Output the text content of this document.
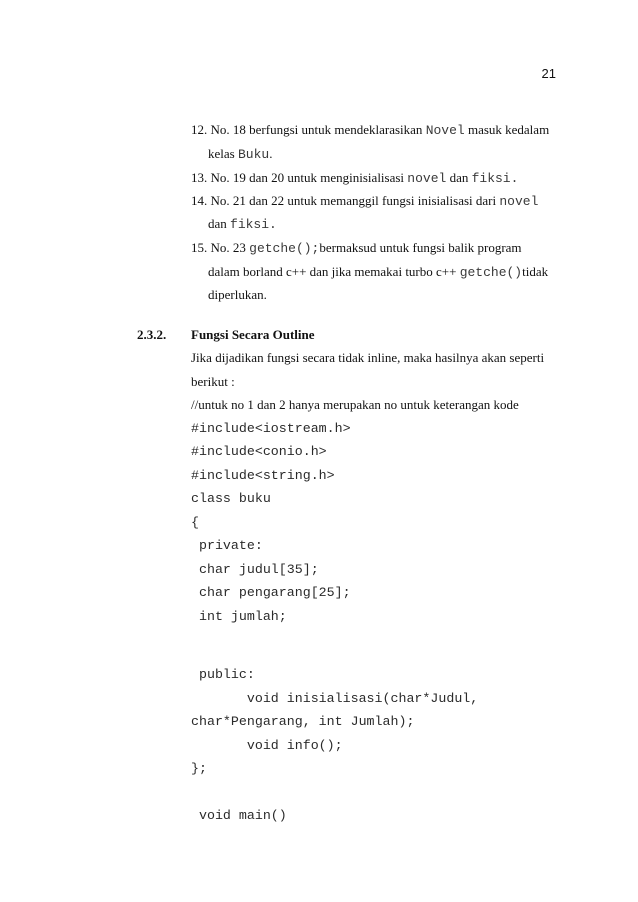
21
12. No. 18 berfungsi untuk mendeklarasikan Novel masuk kedalam
kelas Buku.
13. No. 19 dan 20 untuk menginisialisasi novel dan fiksi.
14. No. 21 dan 22 untuk memanggil fungsi inisialisasi dari novel
dan fiksi.
15. No. 23 getche();bermaksud untuk fungsi balik program
dalam borland c++ dan jika memakai turbo c++ getche()tidak
diperlukan.
2.3.2. Fungsi Secara Outline
Jika dijadikan fungsi secara tidak inline, maka hasilnya akan seperti
berikut :
//untuk no 1 dan 2 hanya merupakan no untuk keterangan kode
#include<iostream.h>
#include<conio.h>
#include<string.h>
class buku
{
private:
char judul[35];
char pengarang[25];
int jumlah;
public:
void inisialisasi(char*Judul,
char*Pengarang, int Jumlah);
void info();
};
void main()
